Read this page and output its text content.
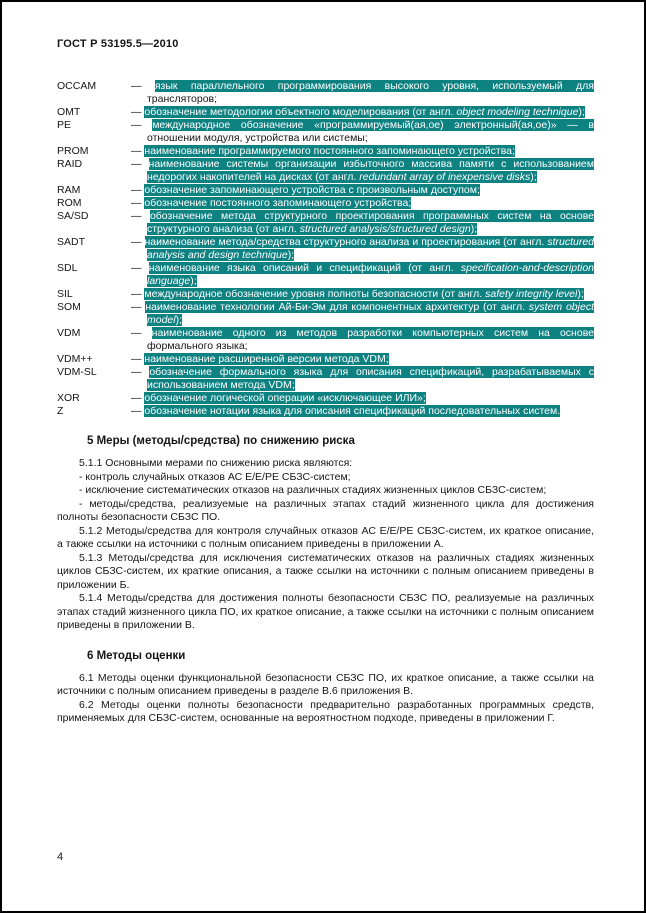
ГОСТ Р 53195.5—2010
OCCAM	— язык параллельного программирования высокого уровня, используемый для трансляторов;
OMT	— обозначение методологии объектного моделирования (от англ. object modeling technique);
PE	— международное обозначение «программируемый(ая,ое) электронный(ая,ое)» — в отношении модуля, устройства или системы;
PROM	— наименование программируемого постоянного запоминающего устройства;
RAID	— наименование системы организации избыточного массива памяти с использованием недорогих накопителей на дисках (от англ. redundant array of inexpensive disks);
RAM	— обозначение запоминающего устройства с произвольным доступом;
ROM	— обозначение постоянного запоминающего устройства;
SA/SD	— обозначение метода структурного проектирования программных систем на основе структурного анализа (от англ. structured analysis/structured design);
SADT	— наименование метода/средства структурного анализа и проектирования (от англ. structured analysis and design technique);
SDL	— наименование языка описаний и спецификаций (от англ. specification-and-description language);
SIL	— международное обозначение уровня полноты безопасности (от англ. safety integrity level);
SOM	— наименование технологии Ай-Би-Эм для компонентных архитектур (от англ. system object model);
VDM	— наименование одного из методов разработки компьютерных систем на основе формального языка;
VDM++	— наименование расширенной версии метода VDM;
VDM-SL	— обозначение формального языка для описания спецификаций, разрабатываемых с использованием метода VDM;
XOR	— обозначение логической операции «исключающее ИЛИ»;
Z	— обозначение нотации языка для описания спецификаций последовательных систем.
5 Меры (методы/средства) по снижению риска

5.1.1 Основными мерами по снижению риска являются:

- контроль случайных отказов АС Е/Е/РЕ СБЗС-систем;

- исключение систематических отказов на различных стадиях жизненных циклов СБЗС-систем;

- методы/средства, реализуемые на различных этапах стадий жизненного цикла для достижения полноты безопасности СБЗС ПО.

5.1.2 Методы/средства для контроля случайных отказов АС Е/Е/РЕ СБЗС-систем, их краткое описание, а также ссылки на источники с полным описанием приведены в приложении А.

5.1.3 Методы/средства для исключения систематических отказов на различных стадиях жизненных циклов СБЗС-систем, их краткие описания, а также ссылки на источники с полным описанием приведены в приложении Б.

5.1.4 Методы/средства для достижения полноты безопасности СБЗС ПО, реализуемые на различных этапах стадий жизненного цикла ПО, их краткое описание, а также ссылки на источники с полным описанием приведены в приложении В.

6 Методы оценки

6.1 Методы оценки функциональной безопасности СБЗС ПО, их краткое описание, а также ссылки на источники с полным описанием приведены в разделе В.6 приложения В.

6.2 Методы оценки полноты безопасности предварительно разработанных программных средств, применяемых для СБЗС-систем, основанные на вероятностном подходе, приведены в приложении Г.

4
